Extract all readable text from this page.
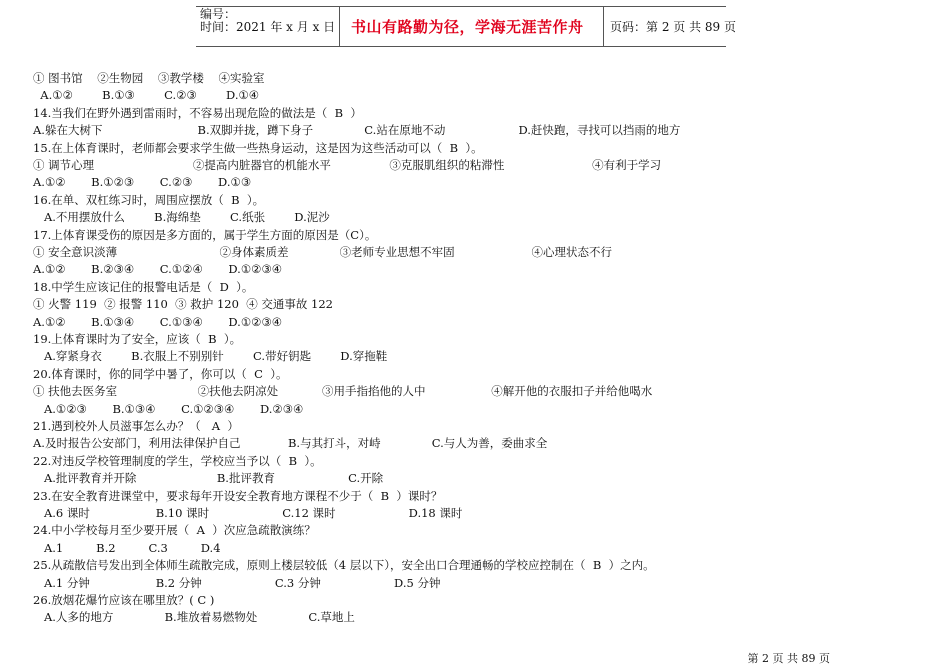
编号：
时间：2021 年 x 月 x 日 书山有路勤为径，学海无涯苦作舟 页码：第 2 页 共 89 页
① 图书馆    ②生物园    ③教学楼    ④实验室
A.①②        B.①③        C.②③        D.①④
14.当我们在野外遇到雷雨时，不容易出现危险的做法是（  B  ）
A.躲在大树下                          B.双脚并拢，蹲下身子              C.站在原地不动                    D.赶快跑，寻找可以挡雨的地方
15.在上体育课时，老师都会要求学生做一些热身运动，这是因为这些活动可以（  B  ）。
① 调节心理                           ②提高内脏器官的机能水平                ③克服肌组织的粘滞性                        ④有利于学习
A.①②       B.①②③       C.②③       D.①③
16.在单、双杠练习时，周围应摆放（  B  ）。
A.不用摆放什么        B.海绵垫        C.纸张        D.泥沙
17.上体育课受伤的原因是多方面的，属于学生方面的原因是（C）。
① 安全意识淡薄                            ②身体素质差              ③老师专业思想不牢固                     ④心理状态不行
A.①②       B.②③④       C.①②④       D.①②③④
18.中学生应该记住的报警电话是（  D  ）。
① 火警 119  ② 报警 110  ③ 救护 120  ④ 交通事故 122
A.①②       B.①③④       C.①③④       D.①②③④
19.上体育课时为了安全，应该（  B  ）。
A.穿紧身衣        B.衣服上不别别针        C.带好钥匙        D.穿拖鞋
20.体育课时，你的同学中暑了，你可以（  C  ）。
① 扶他去医务室                      ②扶他去阴凉处            ③用手指掐他的人中                  ④解开他的衣服扣子并给他喝水
A.①②③       B.①③④       C.①②③④       D.②③④
21.遇到校外人员滋事怎么办？（   A  ）
A.及时报告公安部门，利用法律保护自己             B.与其打斗，对峙              C.与人为善，委曲求全
22.对违反学校管理制度的学生，学校应当予以（  B  ）。
A.批评教育并开除                      B.批评教育                    C.开除
23.在安全教育进课堂中，要求每年开设安全教育地方课程不少于（  B  ）课时？
A.6 课时                  B.10 课时                    C.12 课时                    D.18 课时
24.中小学校每月至少要开展（  A  ）次应急疏散演练？
A.1         B.2         C.3         D.4
25.从疏散信号发出到全体师生疏散完成，原则上楼层较低（4 层以下），安全出口合理通畅的学校应控制在（  B  ）之内。
A.1 分钟                  B.2 分钟                    C.3 分钟                    D.5 分钟
26.放烟花爆竹应该在哪里放？( C )
A.人多的地方              B.堆放着易燃物处              C.草地上
第 2 页 共 89 页
